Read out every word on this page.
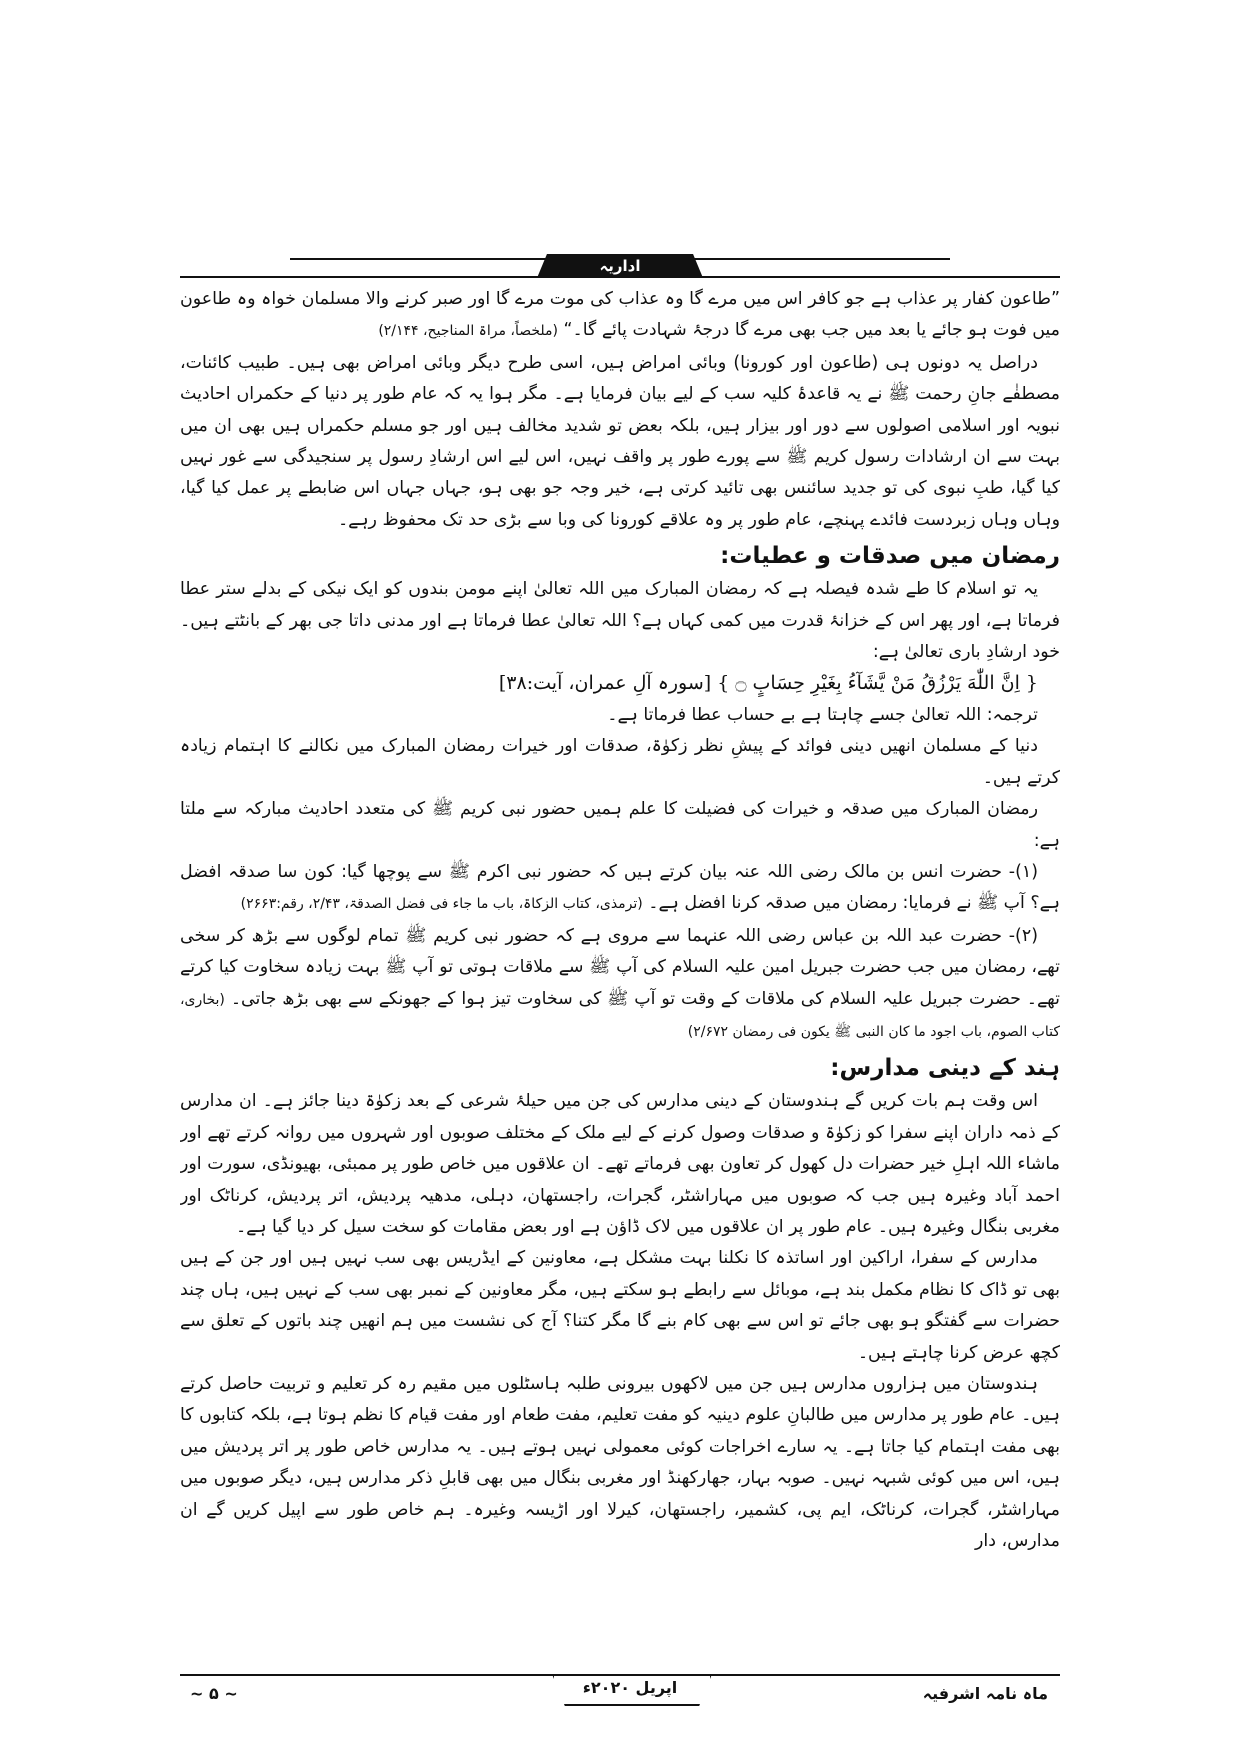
اداریہ

”طاعون کفار پر عذاب ہے جو کافر اس میں مرے گا وہ عذاب کی موت مرے گا اور صبر کرنے والا مسلمان خواہ وہ طاعون میں فوت ہو جائے یا بعد میں جب بھی مرے گا درجۂ شہادت پائے گا۔“ (ملخصاً، مراۃ المناجیح، ۲/۱۴۴)

دراصل یہ دونوں ہی (طاعون اور کورونا) وبائی امراض ہیں، اسی طرح دیگر وبائی امراض بھی ہیں۔ طبیب کائنات، مصطفٰے جانِ رحمت ﷺ نے یہ قاعدۂ کلیہ سب کے لیے بیان فرمایا ہے۔ مگر ہوا یہ کہ عام طور پر دنیا کے حکمراں احادیث نبویہ اور اسلامی اصولوں سے دور اور بیزار ہیں، بلکہ بعض تو شدید مخالف ہیں اور جو مسلم حکمراں ہیں بھی ان میں بہت سے ان ارشادات رسول کریم ﷺ سے پورے طور پر واقف نہیں، اس لیے اس ارشادِ رسول پر سنجیدگی سے غور نہیں کیا گیا، طبِ نبوی کی تو جدید سائنس بھی تائید کرتی ہے، خیر وجہ جو بھی ہو، جہاں جہاں اس ضابطے پر عمل کیا گیا، وہاں وہاں زبردست فائدے پہنچے، عام طور پر وہ علاقے کورونا کی وبا سے بڑی حد تک محفوظ رہے۔

رمضان میں صدقات و عطیات:

یہ تو اسلام کا طے شدہ فیصلہ ہے کہ رمضان المبارک میں اللہ تعالیٰ اپنے مومن بندوں کو ایک نیکی کے بدلے ستر عطا فرماتا ہے، اور پھر اس کے خزانۂ قدرت میں کمی کہاں ہے؟ اللہ تعالیٰ عطا فرماتا ہے اور مدنی داتا جی بھر کے بانٹتے ہیں۔ خود ارشادِ باری تعالیٰ ہے:

{ اِنَّ اللّٰهَ یَرْزُقُ مَنْ یَّشَآءُ بِغَیْرِ حِسَابٍ ۝ } [سورہ آلِ عمران، آیت:۳۸]

ترجمہ: اللہ تعالیٰ جسے چاہتا ہے بے حساب عطا فرماتا ہے۔

دنیا کے مسلمان انھیں دینی فوائد کے پیشِ نظر زکوٰۃ، صدقات اور خیرات رمضان المبارک میں نکالنے کا اہتمام زیادہ کرتے ہیں۔

رمضان المبارک میں صدقہ و خیرات کی فضیلت کا علم ہمیں حضور نبی کریم ﷺ کی متعدد احادیث مبارکہ سے ملتا ہے:

(۱)- حضرت انس بن مالک رضی اللہ عنہ بیان کرتے ہیں کہ حضور نبی اکرم ﷺ سے پوچھا گیا: کون سا صدقہ افضل ہے؟ آپ ﷺ نے فرمایا: رمضان میں صدقہ کرنا افضل ہے۔ (ترمذی، کتاب الزکاۃ، باب ما جاء فی فضل الصدقۃ، ۲/۴۳، رقم:۲۶۶۳)

(۲)- حضرت عبد اللہ بن عباس رضی اللہ عنہما سے مروی ہے کہ حضور نبی کریم ﷺ تمام لوگوں سے بڑھ کر سخی تھے، رمضان میں جب حضرت جبریل امین علیہ السلام کی آپ ﷺ سے ملاقات ہوتی تو آپ ﷺ بہت زیادہ سخاوت کیا کرتے تھے۔ حضرت جبریل علیہ السلام کی ملاقات کے وقت تو آپ ﷺ کی سخاوت تیز ہوا کے جھونکے سے بھی بڑھ جاتی۔ (بخاری، کتاب الصوم، باب اجود ما کان النبی ﷺ یکون فی رمضان ۲/۶۷۲)

ہند کے دینی مدارس:

اس وقت ہم بات کریں گے ہندوستان کے دینی مدارس کی جن میں حیلۂ شرعی کے بعد زکوٰۃ دینا جائز ہے۔ ان مدارس کے ذمہ داران اپنے سفرا کو زکوٰۃ و صدقات وصول کرنے کے لیے ملک کے مختلف صوبوں اور شہروں میں روانہ کرتے تھے اور ماشاء اللہ اہلِ خیر حضرات دل کھول کر تعاون بھی فرماتے تھے۔ ان علاقوں میں خاص طور پر ممبئی، بھیونڈی، سورت اور احمد آباد وغیرہ ہیں جب کہ صوبوں میں مہاراشٹر، گجرات، راجستھان، دہلی، مدھیہ پردیش، اتر پردیش، کرناٹک اور مغربی بنگال وغیرہ ہیں۔ عام طور پر ان علاقوں میں لاک ڈاؤن ہے اور بعض مقامات کو سخت سیل کر دیا گیا ہے۔

مدارس کے سفرا، اراکین اور اساتذہ کا نکلنا بہت مشکل ہے، معاونین کے ایڈریس بھی سب نہیں ہیں اور جن کے ہیں بھی تو ڈاک کا نظام مکمل بند ہے، موبائل سے رابطے ہو سکتے ہیں، مگر معاونین کے نمبر بھی سب کے نہیں ہیں، ہاں چند حضرات سے گفتگو ہو بھی جائے تو اس سے بھی کام بنے گا مگر کتنا؟ آج کی نشست میں ہم انھیں چند باتوں کے تعلق سے کچھ عرض کرنا چاہتے ہیں۔

ہندوستان میں ہزاروں مدارس ہیں جن میں لاکھوں بیرونی طلبہ ہاسٹلوں میں مقیم رہ کر تعلیم و تربیت حاصل کرتے ہیں۔ عام طور پر مدارس میں طالبانِ علوم دینیہ کو مفت تعلیم، مفت طعام اور مفت قیام کا نظم ہوتا ہے، بلکہ کتابوں کا بھی مفت اہتمام کیا جاتا ہے۔ یہ سارے اخراجات کوئی معمولی نہیں ہوتے ہیں۔ یہ مدارس خاص طور پر اتر پردیش میں ہیں، اس میں کوئی شبہہ نہیں۔ صوبہ بہار، جھارکھنڈ اور مغربی بنگال میں بھی قابلِ ذکر مدارس ہیں، دیگر صوبوں میں مہاراشٹر، گجرات، کرناٹک، ایم پی، کشمیر، راجستھان، کیرلا اور اڑیسہ وغیرہ۔ ہم خاص طور سے اپیل کریں گے ان مدارس، دار

ماہ نامہ اشرفیہ
اپریل ۲۰۲۰ء
~ ۵ ~
